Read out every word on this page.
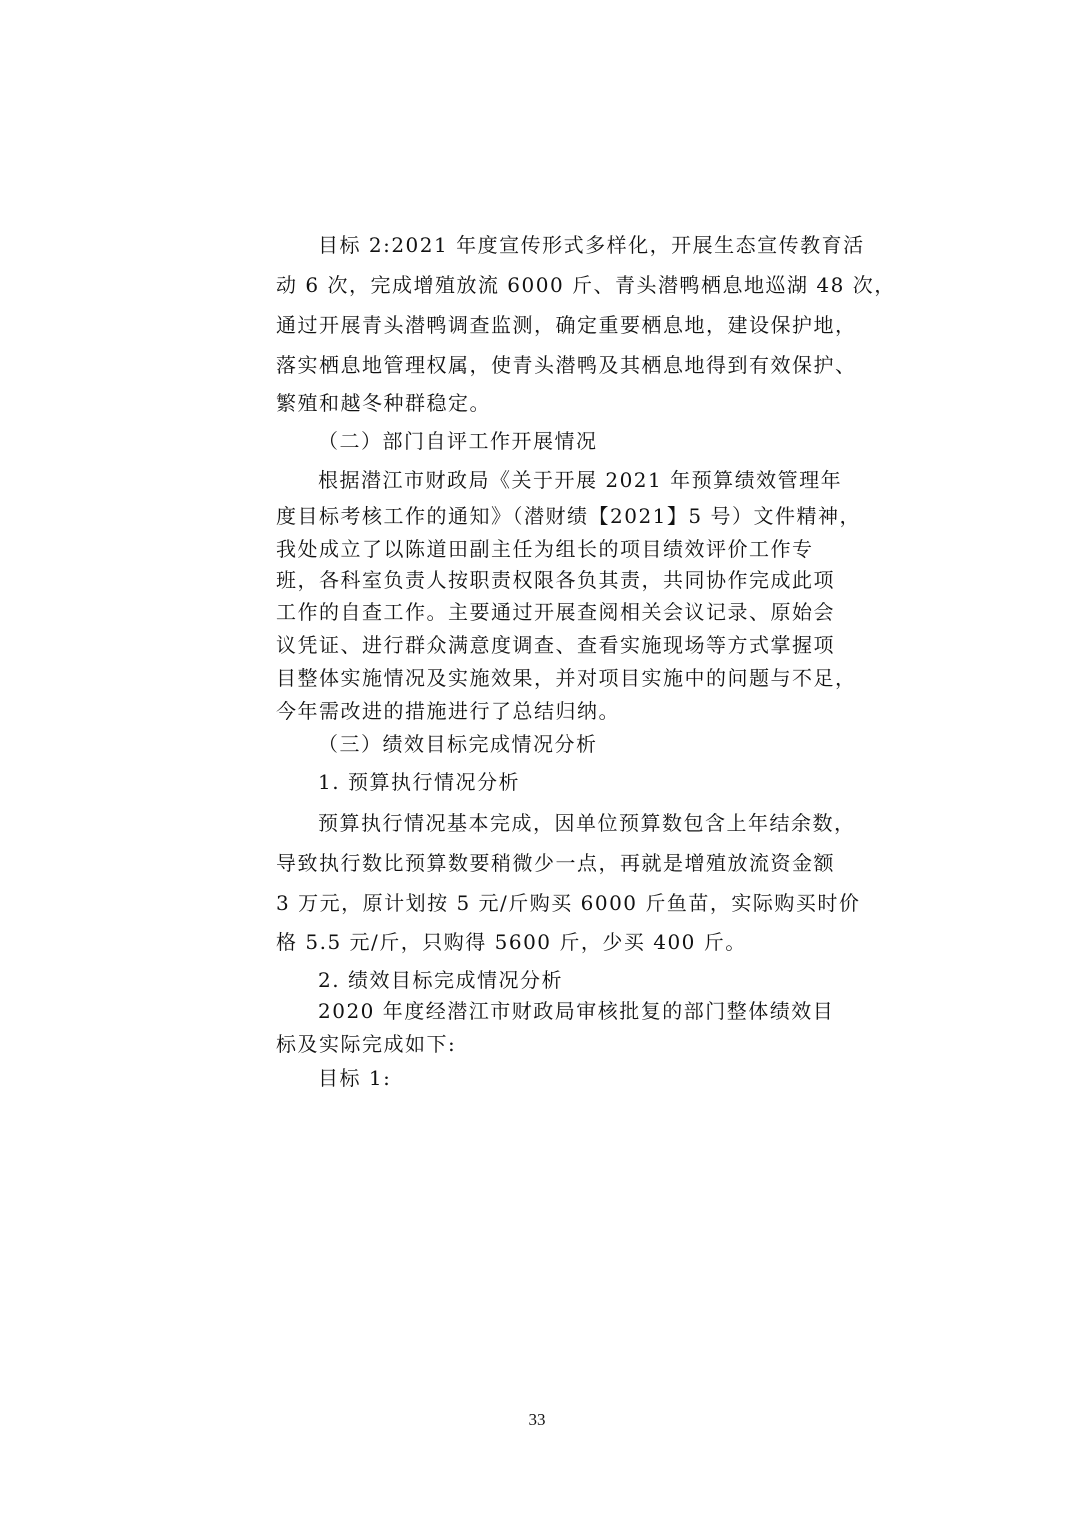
目标 2:2021 年度宣传形式多样化，开展生态宣传教育活
动 6 次，完成增殖放流 6000 斤、青头潜鸭栖息地巡湖 48 次，
通过开展青头潜鸭调查监测，确定重要栖息地，建设保护地，
落实栖息地管理权属，使青头潜鸭及其栖息地得到有效保护、
繁殖和越冬种群稳定。
（二）部门自评工作开展情况
根据潜江市财政局《关于开展 2021 年预算绩效管理年
度目标考核工作的通知》（潜财绩【2021】5 号）文件精神，
我处成立了以陈道田副主任为组长的项目绩效评价工作专
班，各科室负责人按职责权限各负其责，共同协作完成此项
工作的自查工作。主要通过开展查阅相关会议记录、原始会
议凭证、进行群众满意度调查、查看实施现场等方式掌握项
目整体实施情况及实施效果，并对项目实施中的问题与不足，
今年需改进的措施进行了总结归纳。
（三）绩效目标完成情况分析
1. 预算执行情况分析
预算执行情况基本完成，因单位预算数包含上年结余数，
导致执行数比预算数要稍微少一点，再就是增殖放流资金额
3 万元，原计划按 5 元/斤购买 6000 斤鱼苗，实际购买时价
格 5.5 元/斤，只购得 5600 斤，少买 400 斤。
2. 绩效目标完成情况分析
2020 年度经潜江市财政局审核批复的部门整体绩效目
标及实际完成如下:
目标 1:
33
